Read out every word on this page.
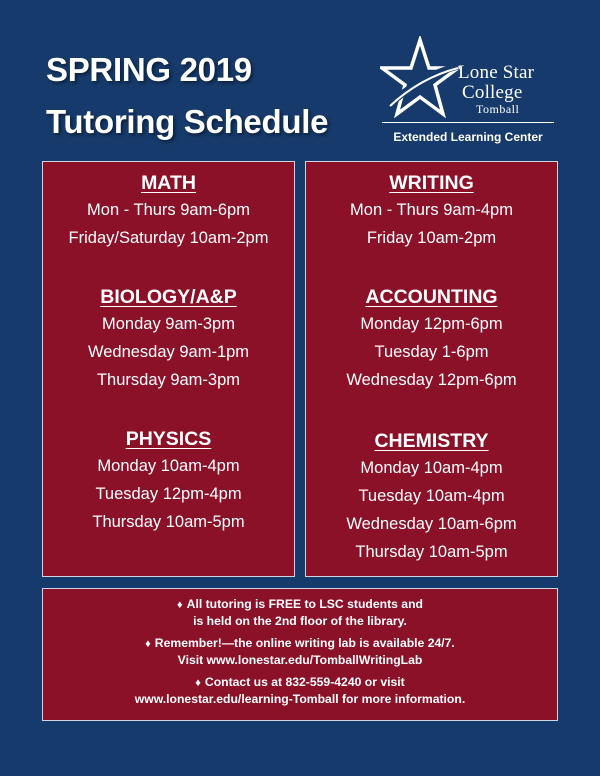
SPRING 2019
Tutoring Schedule
Lone Star
College
Tomball
Extended Learning Center
MATH
Mon - Thurs 9am-6pm
Friday/Saturday 10am-2pm
BIOLOGY/A&P
Monday 9am-3pm
Wednesday 9am-1pm
Thursday 9am-3pm
PHYSICS
Monday 10am-4pm
Tuesday 12pm-4pm
Thursday 10am-5pm
WRITING
Mon - Thurs 9am-4pm
Friday 10am-2pm
ACCOUNTING
Monday 12pm-6pm
Tuesday 1-6pm
Wednesday 12pm-6pm
CHEMISTRY
Monday 10am-4pm
Tuesday 10am-4pm
Wednesday 10am-6pm
Thursday 10am-5pm
♦ All tutoring is FREE to LSC students and
is held on the 2nd floor of the library.
♦ Remember!—the online writing lab is available 24/7.
Visit www.lonestar.edu/TomballWritingLab
♦ Contact us at 832-559-4240 or visit
www.lonestar.edu/learning-Tomball for more information.
